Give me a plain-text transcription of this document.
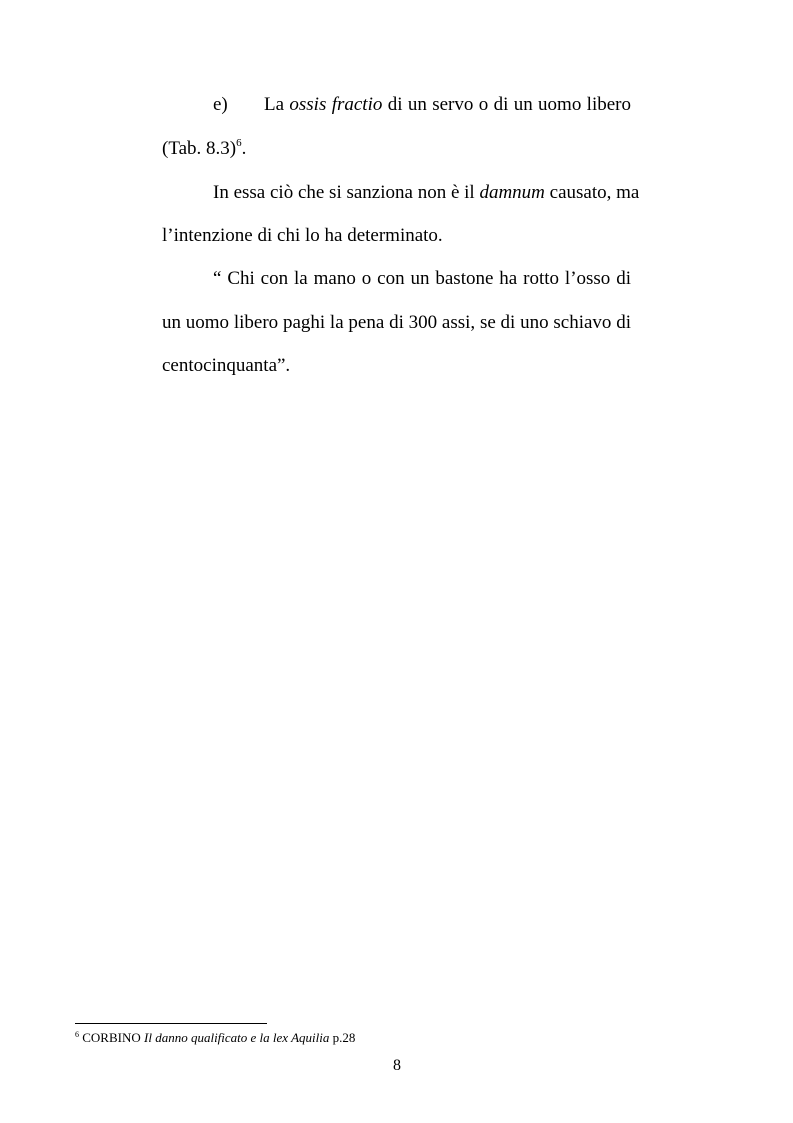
e) La ossis fractio di un servo o di un uomo libero
(Tab. 8.3)$^6$.
In essa ciò che si sanziona non è il damnum causato, ma
l’intenzione di chi lo ha determinato.
“ Chi con la mano o con un bastone ha rotto l’osso di
un uomo libero paghi la pena di 300 assi, se di uno schiavo di
centocinquanta”.
$^6$ CORBINO Il danno qualificato e la lex Aquilia p.28
8
